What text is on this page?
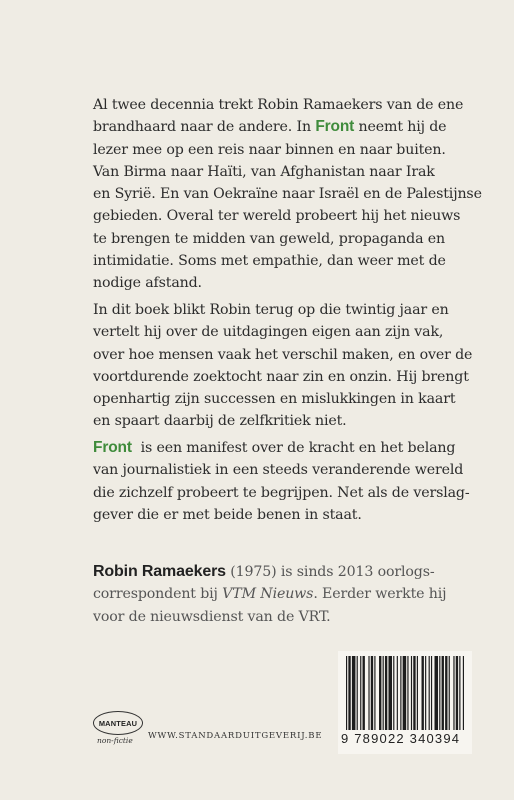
Al twee decennia trekt Robin Ramaekers van de ene
brandhaard naar de andere. In Front neemt hij de
lezer mee op een reis naar binnen en naar buiten.
Van Birma naar Haïti, van Afghanistan naar Irak
en Syrië. En van Oekraïne naar Israël en de Palestijnse
gebieden. Overal ter wereld probeert hij het nieuws
te brengen te midden van geweld, propaganda en
intimidatie. Soms met empathie, dan weer met de
nodige afstand.

In dit boek blikt Robin terug op die twintig jaar en
vertelt hij over de uitdagingen eigen aan zijn vak,
over hoe mensen vaak het verschil maken, en over de
voortdurende zoektocht naar zin en onzin. Hij brengt
openhartig zijn successen en mislukkingen in kaart
en spaart daarbij de zelfkritiek niet.

Front  is een manifest over de kracht en het belang
van journalistiek in een steeds veranderende wereld
die zichzelf probeert te begrijpen. Net als de verslag-
gever die er met beide benen in staat.

Robin Ramaekers (1975) is sinds 2013 oorlogs-
correspondent bij VTM Nieuws. Eerder werkte hij
voor de nieuwsdienst van de VRT.
MANTEAU
non-fictie WWW.STANDAARDUITGEVERIJ.BE 9 789022 340394
